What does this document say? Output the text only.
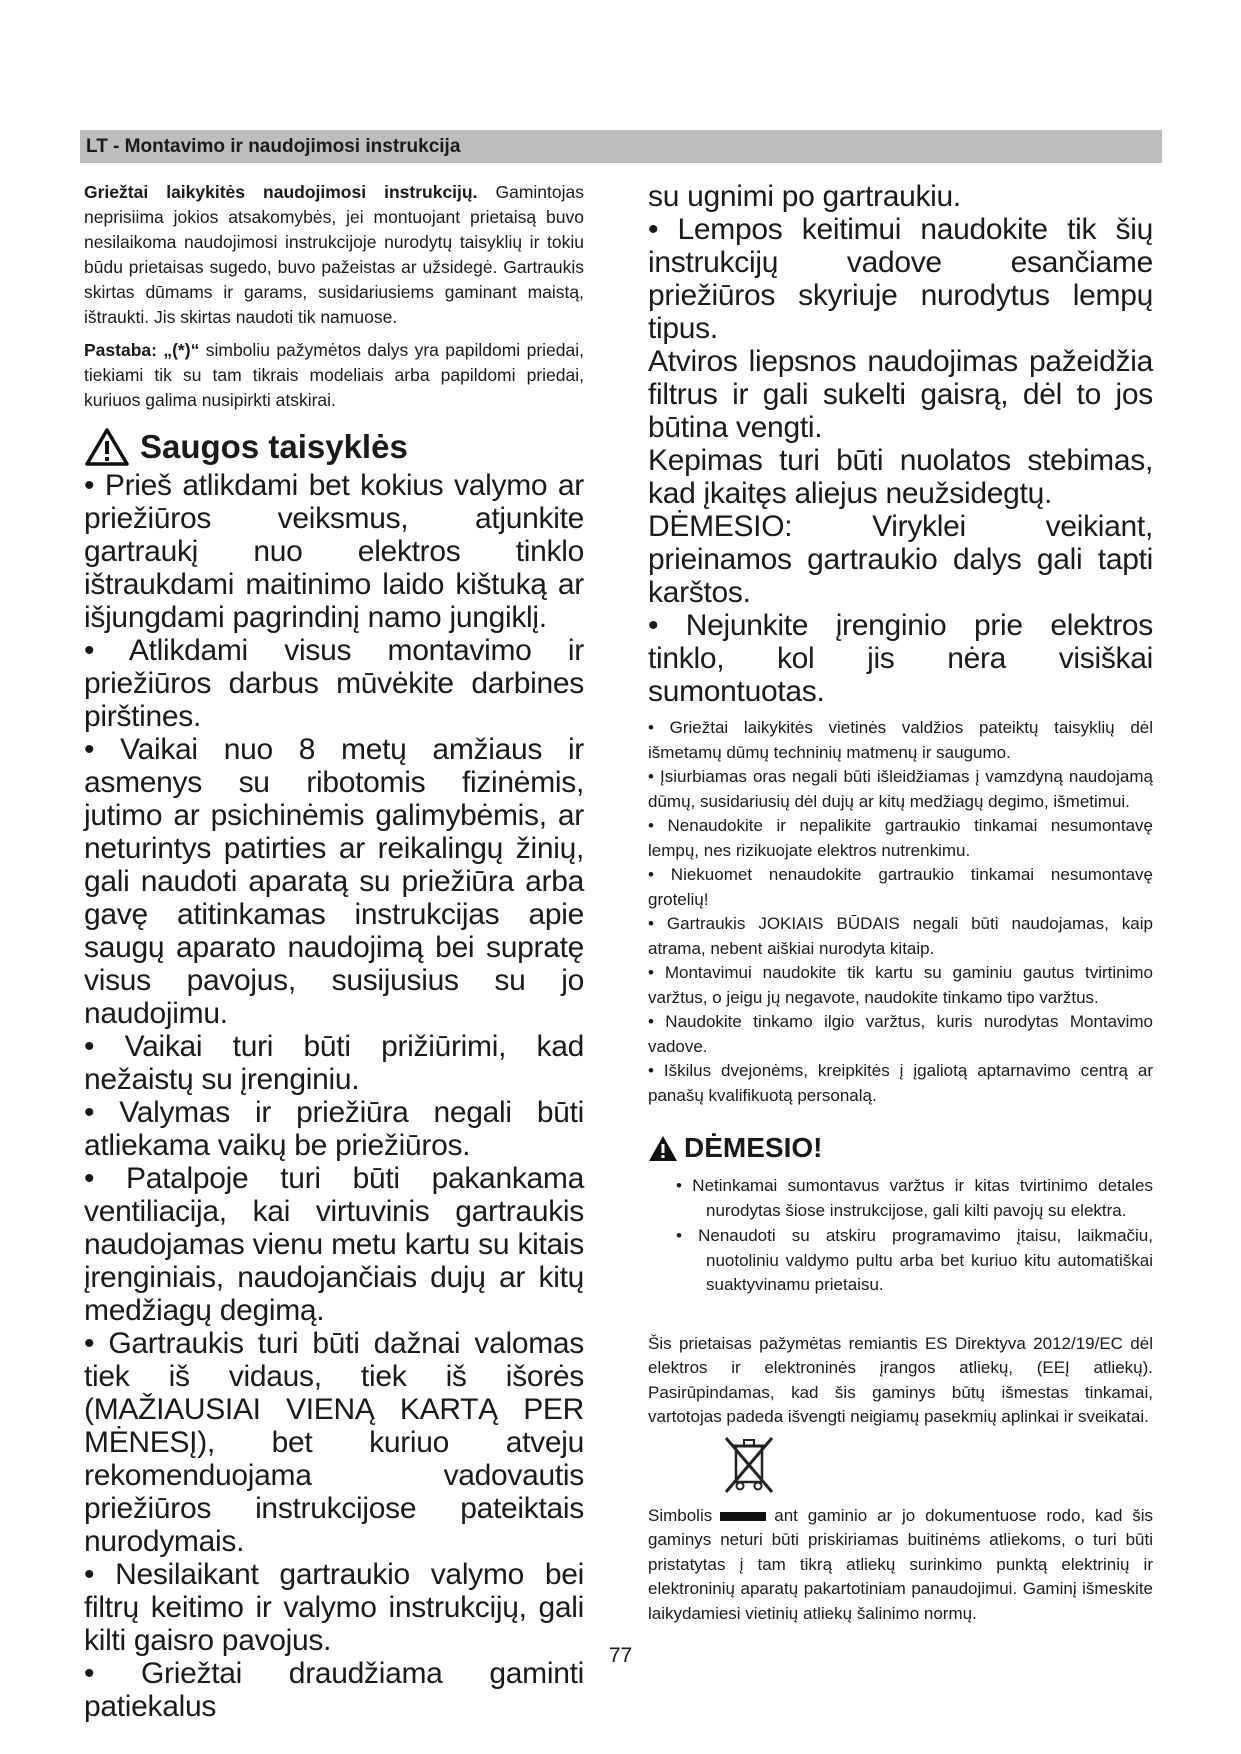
LT - Montavimo ir naudojimosi instrukcija

Griežtai laikykitės naudojimosi instrukcijų. Gamintojas neprisiima jokios atsakomybės, jei montuojant prietaisą buvo nesilaikoma naudojimosi instrukcijoje nurodytų taisyklių ir tokiu būdu prietaisas sugedo, buvo pažeistas ar užsidegė. Gartraukis skirtas dūmams ir garams, susidariusiems gaminant maistą, ištraukti. Jis skirtas naudoti tik namuose.

Pastaba: „(*)“ simboliu pažymėtos dalys yra papildomi priedai, tiekiami tik su tam tikrais modeliais arba papildomi priedai, kuriuos galima nusipirkti atskirai.

Saugos taisyklės

• Prieš atlikdami bet kokius valymo ar priežiūros veiksmus, atjunkite gartraukį nuo elektros tinklo ištraukdami maitinimo laido kištuką ar išjungdami pagrindinį namo jungiklį.

• Atlikdami visus montavimo ir priežiūros darbus mūvėkite darbines pirštines.

• Vaikai nuo 8 metų amžiaus ir asmenys su ribotomis fizinėmis, jutimo ar psichinėmis galimybėmis, ar neturintys patirties ar reikalingų žinių, gali naudoti aparatą su priežiūra arba gavę atitinkamas instrukcijas apie saugų aparato naudojimą bei supratę visus pavojus, susijusius su jo naudojimu.

• Vaikai turi būti prižiūrimi, kad nežaistų su įrenginiu.

• Valymas ir priežiūra negali būti atliekama vaikų be priežiūros.

• Patalpoje turi būti pakankama ventiliacija, kai virtuvinis gartraukis naudojamas vienu metu kartu su kitais įrenginiais, naudojančiais dujų ar kitų medžiagų degimą.

• Gartraukis turi būti dažnai valomas tiek iš vidaus, tiek iš išorės (MAŽIAUSIAI VIENĄ KARTĄ PER MĖNESĮ), bet kuriuo atveju rekomenduojama vadovautis priežiūros instrukcijose pateiktais nurodymais.

• Nesilaikant gartraukio valymo bei filtrų keitimo ir valymo instrukcijų, gali kilti gaisro pavojus.

• Griežtai draudžiama gaminti patiekalus

su ugnimi po gartraukiu.

• Lempos keitimui naudokite tik šių instrukcijų vadove esančiame priežiūros skyriuje nurodytus lempų tipus.

Atviros liepsnos naudojimas pažeidžia filtrus ir gali sukelti gaisrą, dėl to jos būtina vengti.

Kepimas turi būti nuolatos stebimas, kad įkaitęs aliejus neužsidegtų.

DĖMESIO: Viryklei veikiant, prieinamos gartraukio dalys gali tapti karštos.

• Nejunkite įrenginio prie elektros tinklo, kol jis nėra visiškai sumontuotas.

• Griežtai laikykitės vietinės valdžios pateiktų taisyklių dėl išmetamų dūmų techninių matmenų ir saugumo.

• Įsiurbiamas oras negali būti išleidžiamas į vamzdyną naudojamą dūmų, susidariusių dėl dujų ar kitų medžiagų degimo, išmetimui.

• Nenaudokite ir nepalikite gartraukio tinkamai nesumontavę lempų, nes rizikuojate elektros nutrenkimu.

• Niekuomet nenaudokite gartraukio tinkamai nesumontavę grotelių!

• Gartraukis JOKIAIS BŪDAIS negali būti naudojamas, kaip atrama, nebent aiškiai nurodyta kitaip.

• Montavimui naudokite tik kartu su gaminiu gautus tvirtinimo varžtus, o jeigu jų negavote, naudokite tinkamo tipo varžtus.

• Naudokite tinkamo ilgio varžtus, kuris nurodytas Montavimo vadove.

• Iškilus dvejonėms, kreipkitės į įgaliotą aptarnavimo centrą ar panašų kvalifikuotą personalą.

DĖMESIO!

• Netinkamai sumontavus varžtus ir kitas tvirtinimo detales nurodytas šiose instrukcijose, gali kilti pavojų su elektra.

• Nenaudoti su atskiru programavimo įtaisu, laikmačiu, nuotoliniu valdymo pultu arba bet kuriuo kitu automatiškai suaktyvinamu prietaisu.

Šis prietaisas pažymėtas remiantis ES Direktyva 2012/19/EC dėl elektros ir elektroninės įrangos atliekų, (EEĮ atliekų). Pasirūpindamas, kad šis gaminys būtų išmestas tinkamai, vartotojas padeda išvengti neigiamų pasekmių aplinkai ir sveikatai.

Simbolis	ant gaminio ar jo dokumentuose rodo, kad šis gaminys neturi būti priskiriamas buitinėms atliekoms, o turi būti pristatytas į tam tikrą atliekų surinkimo punktą elektrinių ir elektroninių aparatų pakartotiniam panaudojimui. Gaminį išmeskite laikydamiesi vietinių atliekų šalinimo normų.

77
